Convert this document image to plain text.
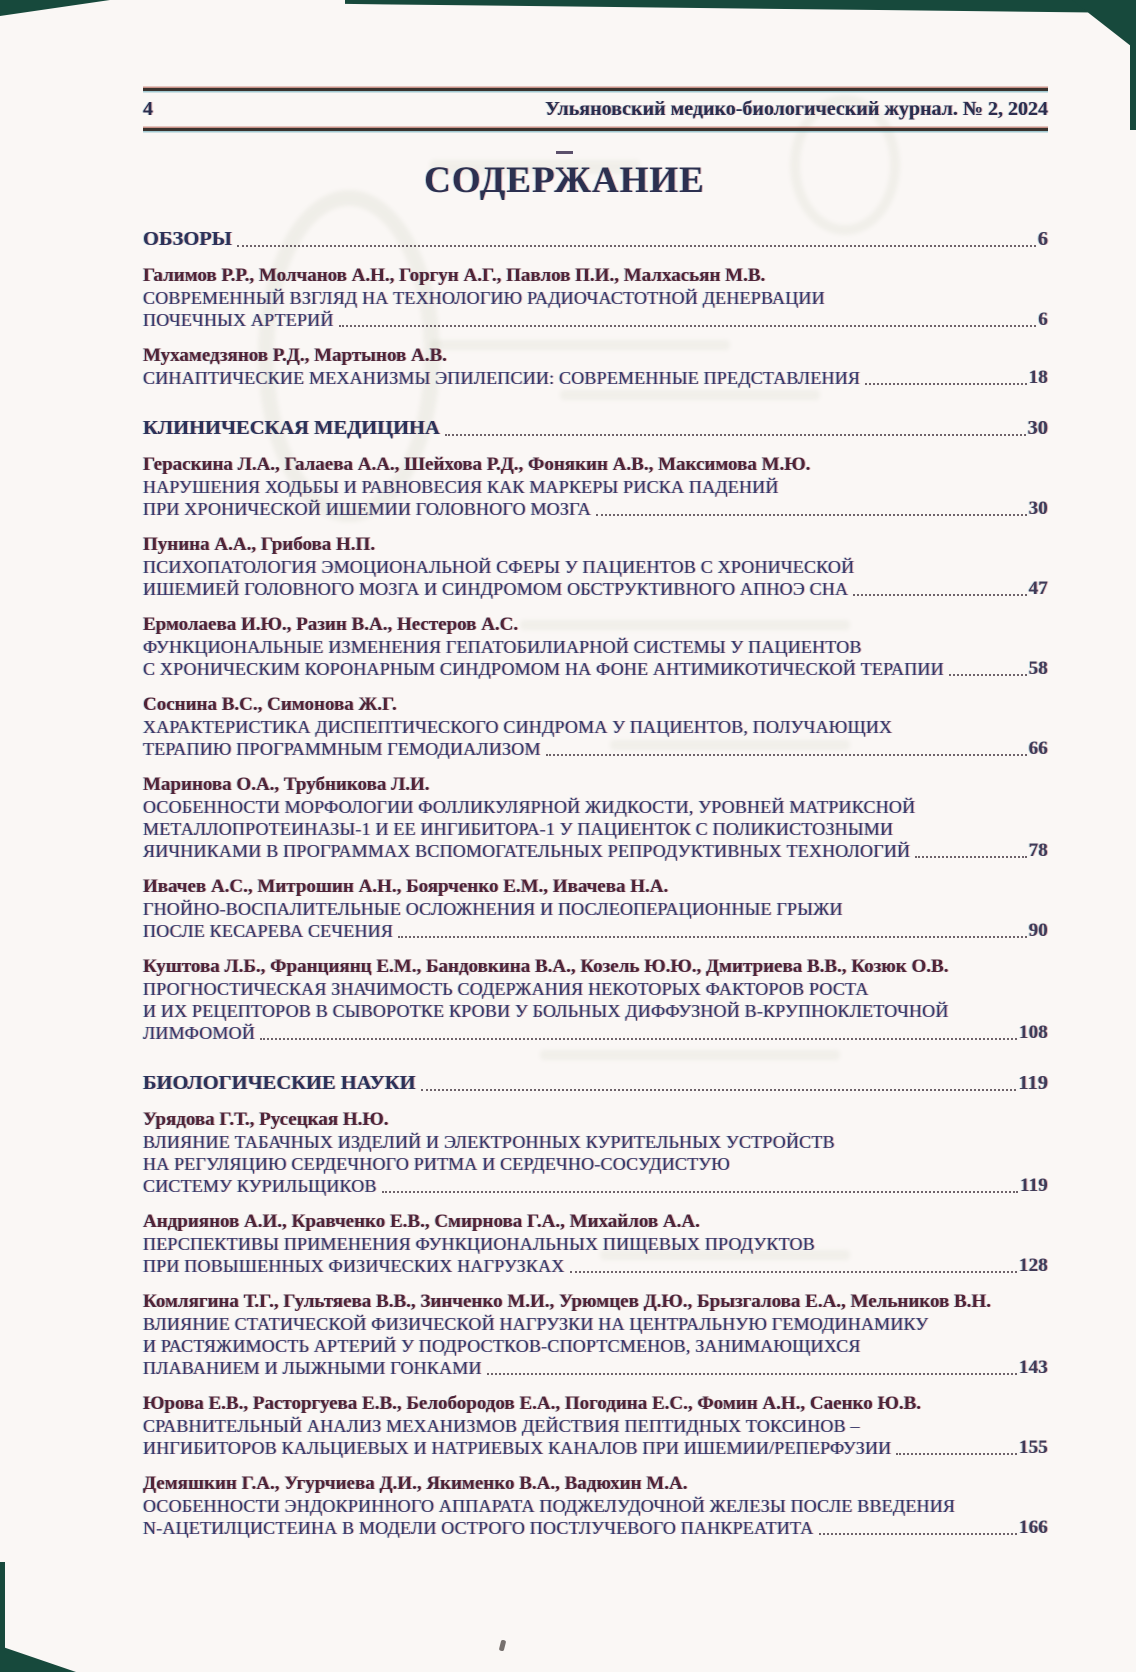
4	Ульяновский медико-биологический журнал. № 2, 2024
СОДЕРЖАНИЕ
ОБЗОРЫ	6
Галимов Р.Р., Молчанов А.Н., Горгун А.Г., Павлов П.И., Малхасьян М.В.
СОВРЕМЕННЫЙ ВЗГЛЯД НА ТЕХНОЛОГИЮ РАДИОЧАСТОТНОЙ ДЕНЕРВАЦИИ
ПОЧЕЧНЫХ АРТЕРИЙ	6
Мухамедзянов Р.Д., Мартынов А.В.
СИНАПТИЧЕСКИЕ МЕХАНИЗМЫ ЭПИЛЕПСИИ: СОВРЕМЕННЫЕ ПРЕДСТАВЛЕНИЯ	18
КЛИНИЧЕСКАЯ МЕДИЦИНА	30
Гераскина Л.А., Галаева А.А., Шейхова Р.Д., Фонякин А.В., Максимова М.Ю.
НАРУШЕНИЯ ХОДЬБЫ И РАВНОВЕСИЯ КАК МАРКЕРЫ РИСКА ПАДЕНИЙ
ПРИ ХРОНИЧЕСКОЙ ИШЕМИИ ГОЛОВНОГО МОЗГА	30
Пунина А.А., Грибова Н.П.
ПСИХОПАТОЛОГИЯ ЭМОЦИОНАЛЬНОЙ СФЕРЫ У ПАЦИЕНТОВ С ХРОНИЧЕСКОЙ
ИШЕМИЕЙ ГОЛОВНОГО МОЗГА И СИНДРОМОМ ОБСТРУКТИВНОГО АПНОЭ СНА	47
Ермолаева И.Ю., Разин В.А., Нестеров А.С.
ФУНКЦИОНАЛЬНЫЕ ИЗМЕНЕНИЯ ГЕПАТОБИЛИАРНОЙ СИСТЕМЫ У ПАЦИЕНТОВ
С ХРОНИЧЕСКИМ КОРОНАРНЫМ СИНДРОМОМ НА ФОНЕ АНТИМИКОТИЧЕСКОЙ ТЕРАПИИ	58
Соснина В.С., Симонова Ж.Г.
ХАРАКТЕРИСТИКА ДИСПЕПТИЧЕСКОГО СИНДРОМА У ПАЦИЕНТОВ, ПОЛУЧАЮЩИХ
ТЕРАПИЮ ПРОГРАММНЫМ ГЕМОДИАЛИЗОМ	66
Маринова О.А., Трубникова Л.И.
ОСОБЕННОСТИ МОРФОЛОГИИ ФОЛЛИКУЛЯРНОЙ ЖИДКОСТИ, УРОВНЕЙ МАТРИКСНОЙ
МЕТАЛЛОПРОТЕИНАЗЫ-1 И ЕЕ ИНГИБИТОРА-1 У ПАЦИЕНТОК С ПОЛИКИСТОЗНЫМИ
ЯИЧНИКАМИ В ПРОГРАММАХ ВСПОМОГАТЕЛЬНЫХ РЕПРОДУКТИВНЫХ ТЕХНОЛОГИЙ	78
Ивачев А.С., Митрошин А.Н., Боярченко Е.М., Ивачева Н.А.
ГНОЙНО-ВОСПАЛИТЕЛЬНЫЕ ОСЛОЖНЕНИЯ И ПОСЛЕОПЕРАЦИОННЫЕ ГРЫЖИ
ПОСЛЕ КЕСАРЕВА СЕЧЕНИЯ	90
Куштова Л.Б., Франциянц Е.М., Бандовкина В.А., Козель Ю.Ю., Дмитриева В.В., Козюк О.В.
ПРОГНОСТИЧЕСКАЯ ЗНАЧИМОСТЬ СОДЕРЖАНИЯ НЕКОТОРЫХ ФАКТОРОВ РОСТА
И ИХ РЕЦЕПТОРОВ В СЫВОРОТКЕ КРОВИ У БОЛЬНЫХ ДИФФУЗНОЙ В-КРУПНОКЛЕТОЧНОЙ
ЛИМФОМОЙ	108
БИОЛОГИЧЕСКИЕ НАУКИ	119
Урядова Г.Т., Русецкая Н.Ю.
ВЛИЯНИЕ ТАБАЧНЫХ ИЗДЕЛИЙ И ЭЛЕКТРОННЫХ КУРИТЕЛЬНЫХ УСТРОЙСТВ
НА РЕГУЛЯЦИЮ СЕРДЕЧНОГО РИТМА И СЕРДЕЧНО-СОСУДИСТУЮ
СИСТЕМУ КУРИЛЬЩИКОВ	119
Андриянов А.И., Кравченко Е.В., Смирнова Г.А., Михайлов А.А.
ПЕРСПЕКТИВЫ ПРИМЕНЕНИЯ ФУНКЦИОНАЛЬНЫХ ПИЩЕВЫХ ПРОДУКТОВ
ПРИ ПОВЫШЕННЫХ ФИЗИЧЕСКИХ НАГРУЗКАХ	128
Комлягина Т.Г., Гультяева В.В., Зинченко М.И., Урюмцев Д.Ю., Брызгалова Е.А., Мельников В.Н.
ВЛИЯНИЕ СТАТИЧЕСКОЙ ФИЗИЧЕСКОЙ НАГРУЗКИ НА ЦЕНТРАЛЬНУЮ ГЕМОДИНАМИКУ
И РАСТЯЖИМОСТЬ АРТЕРИЙ У ПОДРОСТКОВ-СПОРТСМЕНОВ, ЗАНИМАЮЩИХСЯ
ПЛАВАНИЕМ И ЛЫЖНЫМИ ГОНКАМИ	143
Юрова Е.В., Расторгуева Е.В., Белобородов Е.А., Погодина Е.С., Фомин А.Н., Саенко Ю.В.
СРАВНИТЕЛЬНЫЙ АНАЛИЗ МЕХАНИЗМОВ ДЕЙСТВИЯ ПЕПТИДНЫХ ТОКСИНОВ –
ИНГИБИТОРОВ КАЛЬЦИЕВЫХ И НАТРИЕВЫХ КАНАЛОВ ПРИ ИШЕМИИ/РЕПЕРФУЗИИ	155
Демяшкин Г.А., Угурчиева Д.И., Якименко В.А., Вадюхин М.А.
ОСОБЕННОСТИ ЭНДОКРИННОГО АППАРАТА ПОДЖЕЛУДОЧНОЙ ЖЕЛЕЗЫ ПОСЛЕ ВВЕДЕНИЯ
N-АЦЕТИЛЦИСТЕИНА В МОДЕЛИ ОСТРОГО ПОСТЛУЧЕВОГО ПАНКРЕАТИТА	166
